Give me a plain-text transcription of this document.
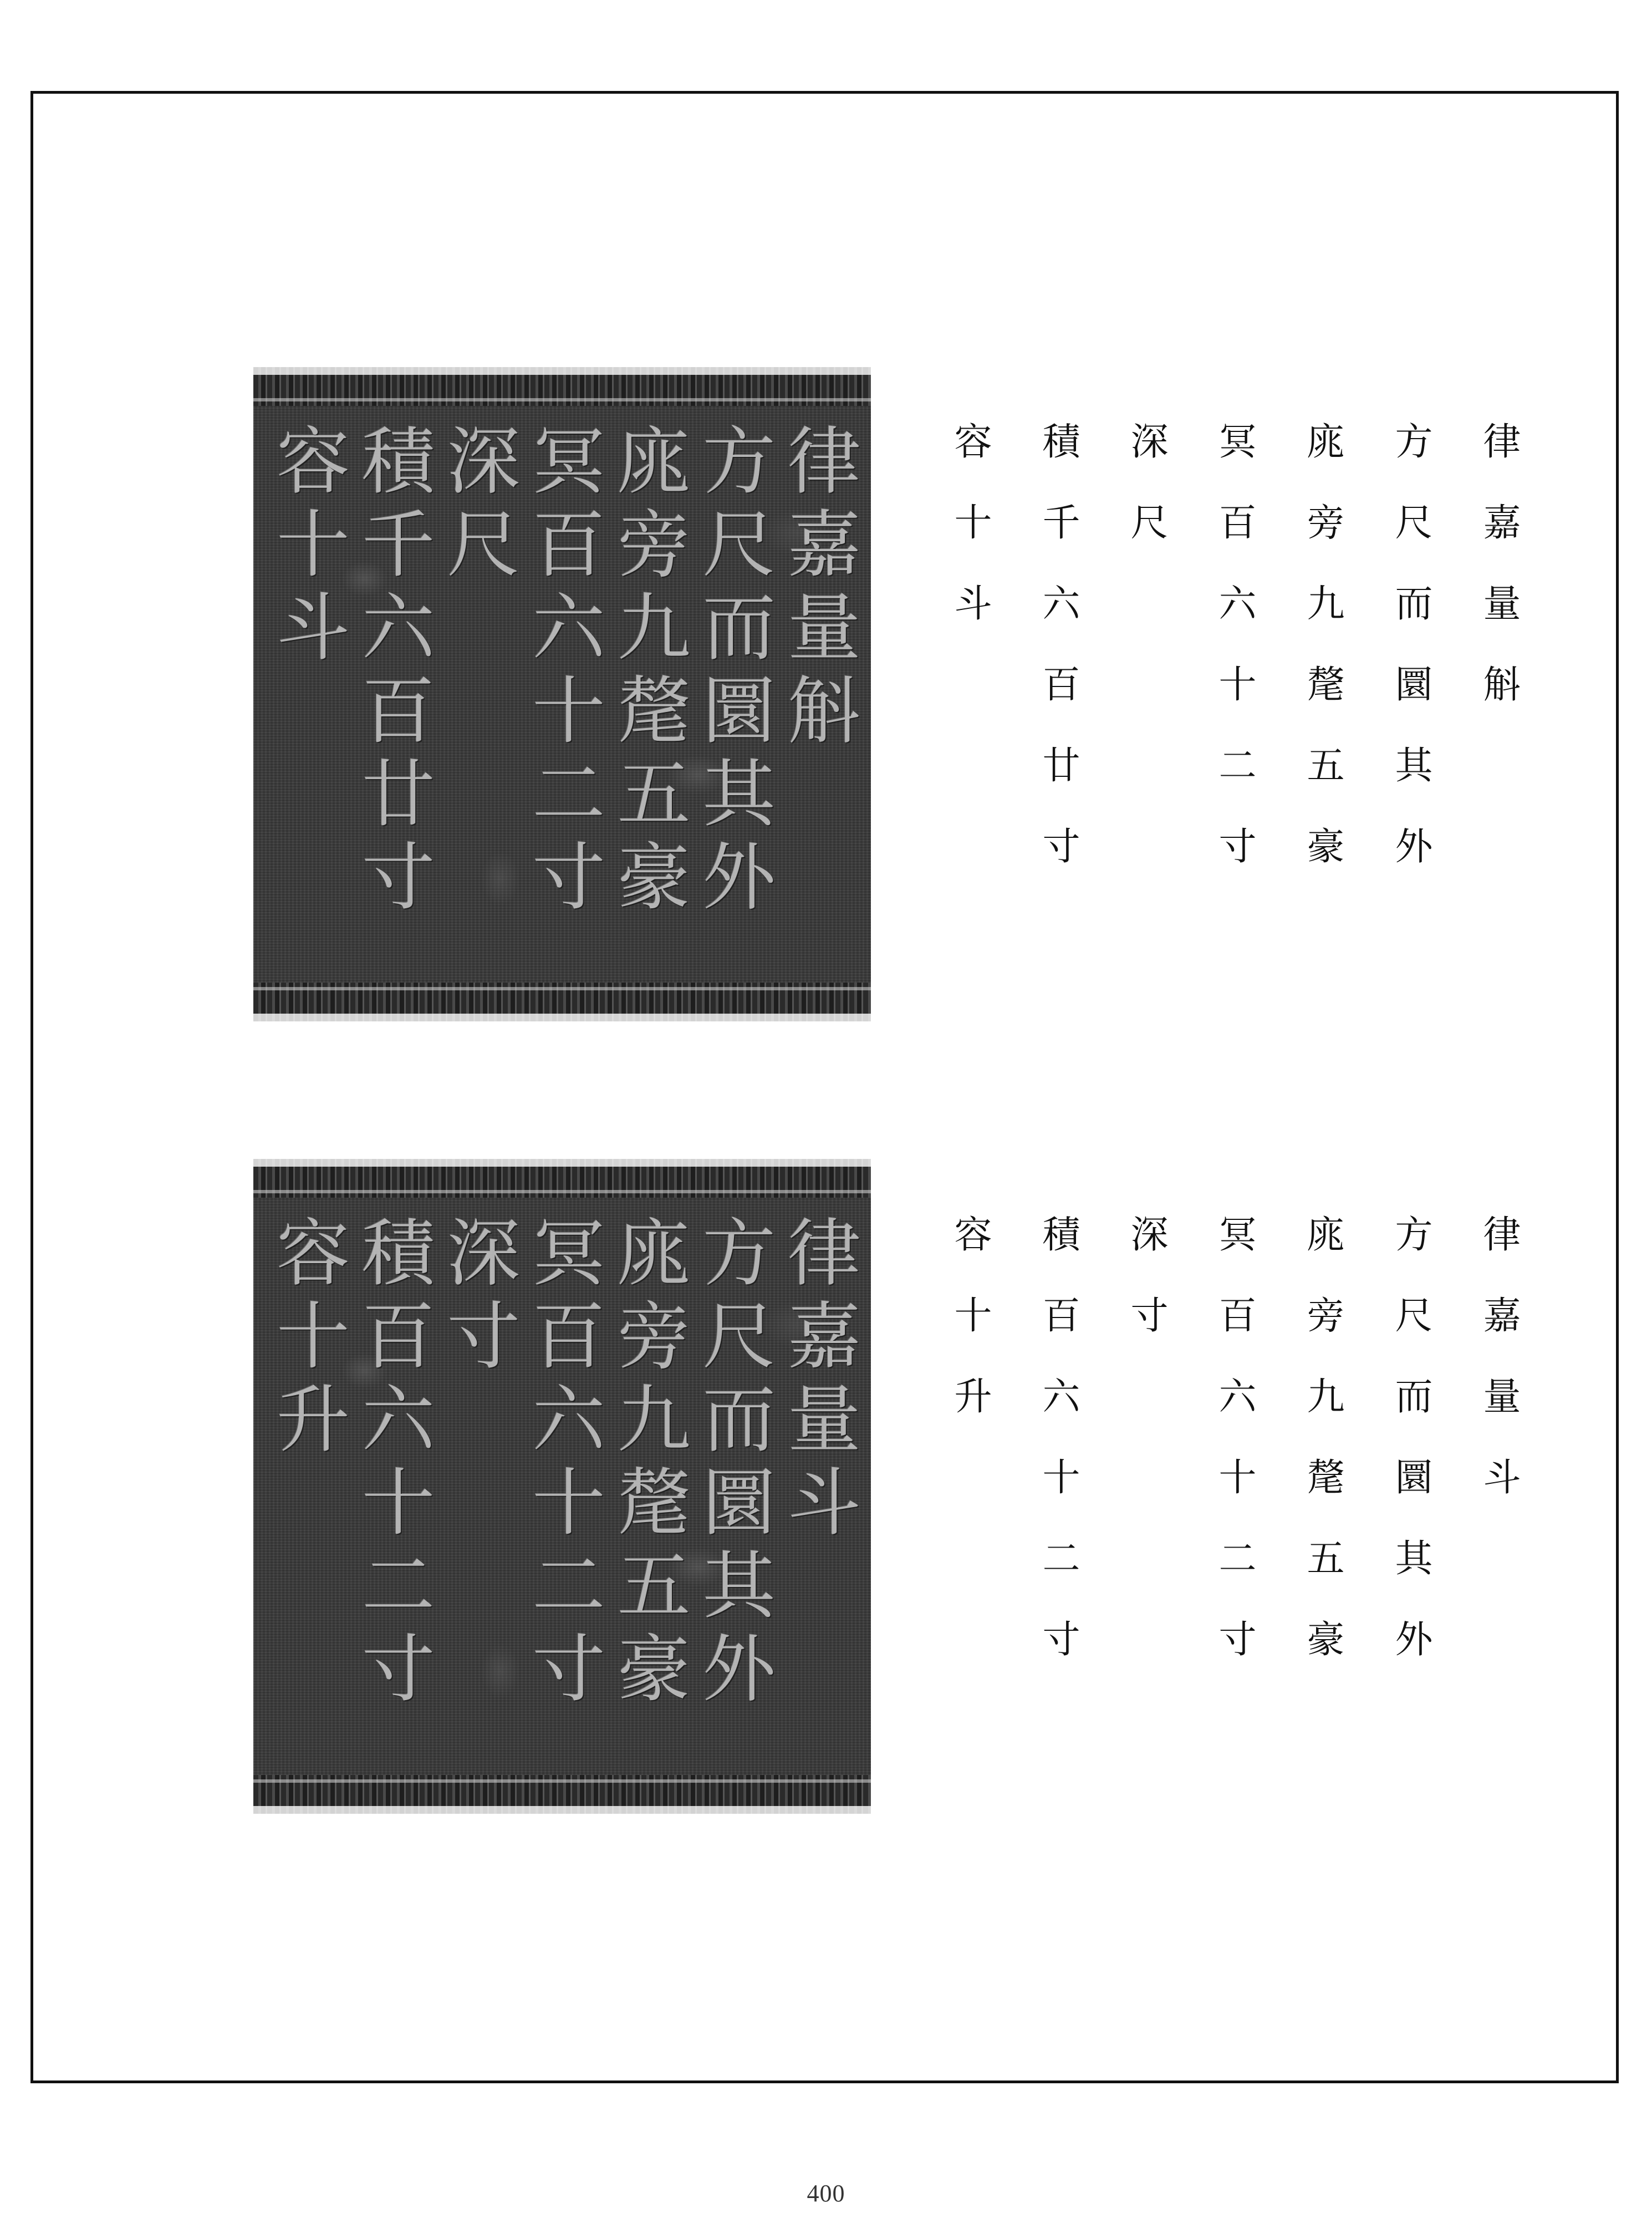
律嘉量斛
方尺而圜其外
庣旁九氂五豪
冥百六十二寸
深尺
積千六百廿寸
容十斗	律嘉量斛
方尺而圜其外
庣旁九氂五豪
冥百六十二寸
深尺
積千六百廿寸
容十斗
律嘉量斗
方尺而圜其外
庣旁九氂五豪
冥百六十二寸
深寸
積百六十二寸
容十升	律嘉量斗
方尺而圜其外
庣旁九氂五豪
冥百六十二寸
深寸
積百六十二寸
容十升
400
